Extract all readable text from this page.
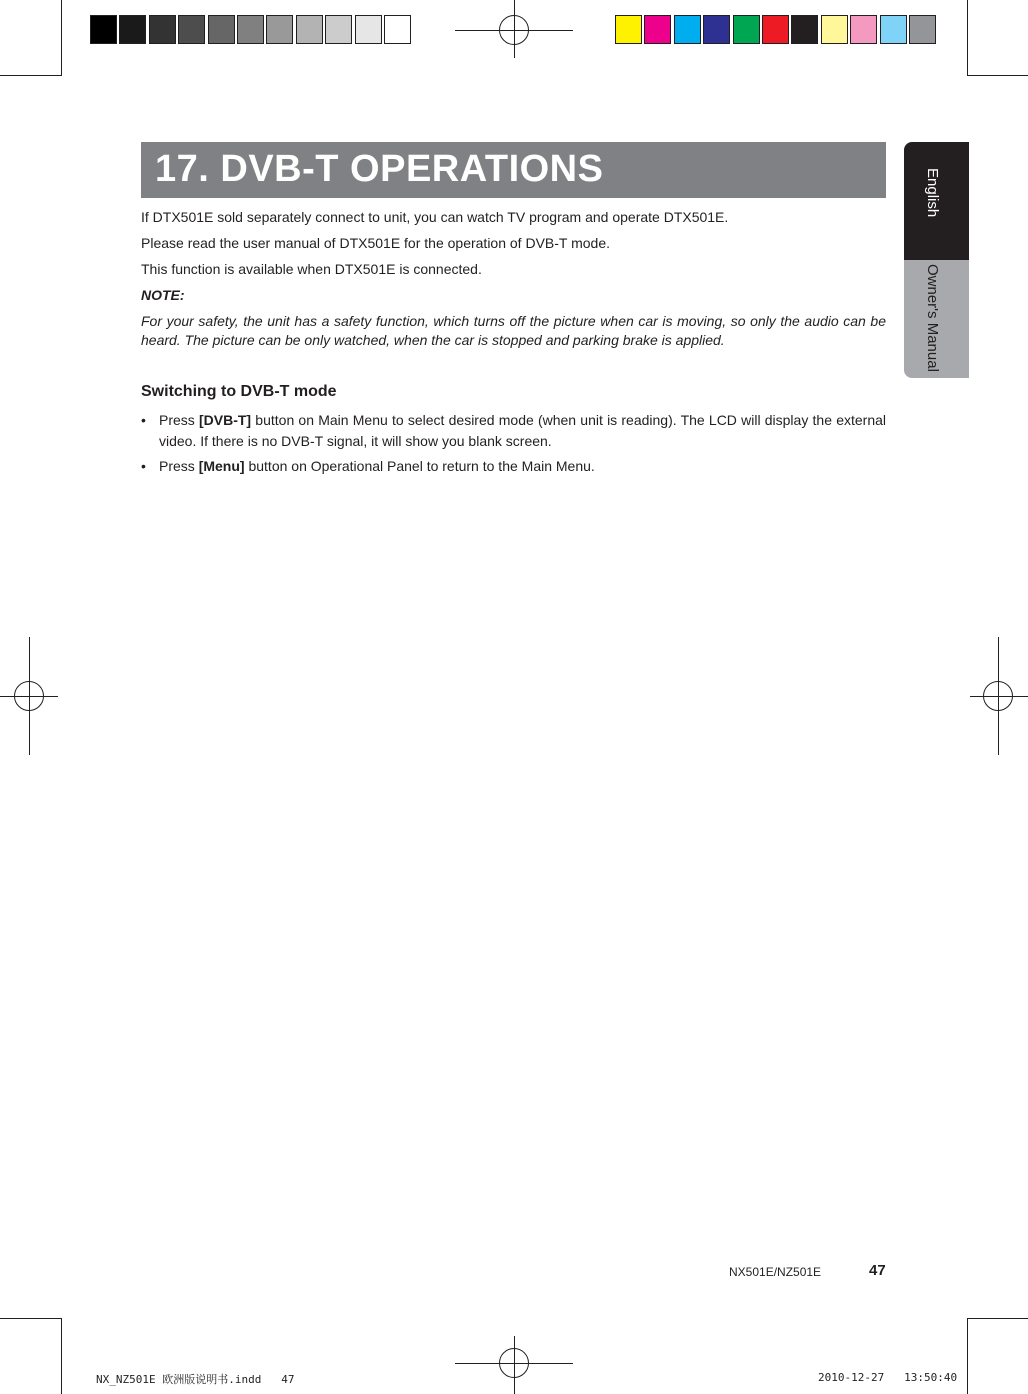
17. DVB-T OPERATIONS	English
Owner's Manual

If DTX501E sold separately connect to unit, you can watch TV program and operate DTX501E.

Please read the user manual of DTX501E for the operation of DVB-T mode.

This function is available when DTX501E is connected.

NOTE:

For your safety, the unit has a safety function, which turns off the picture when car is moving, so only the audio can be heard. The picture can be only watched, when the car is stopped and parking brake is applied.

Switching to DVB-T mode
• Press [DVB-T] button on Main Menu to select desired mode (when unit is reading). The LCD will display the external video. If there is no DVB-T signal, it will show you blank screen.
• Press [Menu] button on Operational Panel to return to the Main Menu.
NX501E/NZ501E	47
NX_NZ501E 欧洲版说明书.indd   47	2010-12-27   13:50:40
